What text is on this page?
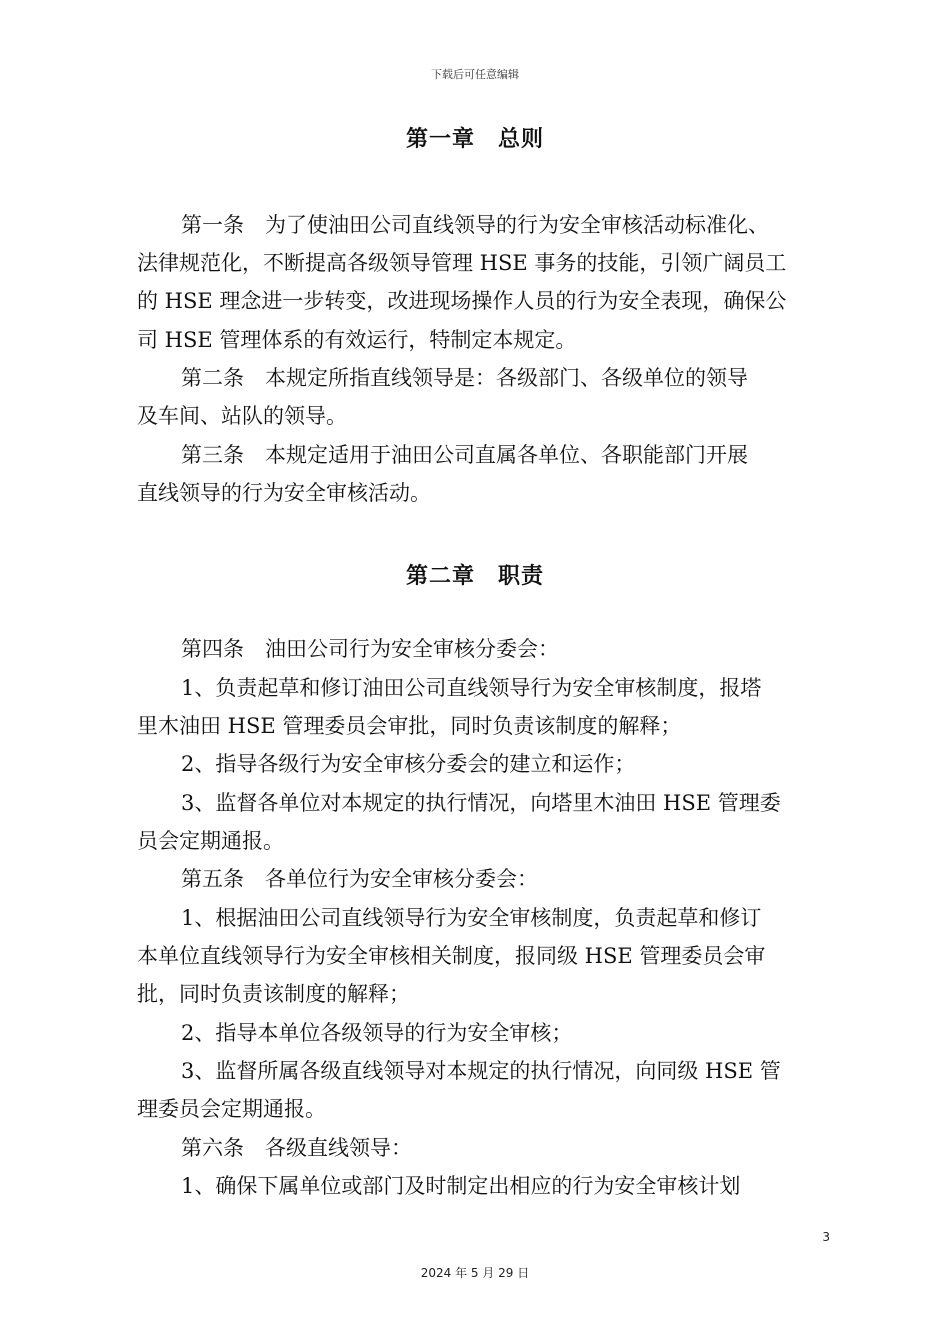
下载后可任意编辑
第一章　总则
第一条　为了使油田公司直线领导的行为安全审核活动标准化、
法律规范化，不断提高各级领导管理 HSE 事务的技能，引领广阔员工
的 HSE 理念进一步转变，改进现场操作人员的行为安全表现，确保公
司 HSE 管理体系的有效运行，特制定本规定。
第二条　本规定所指直线领导是：各级部门、各级单位的领导
及车间、站队的领导。
第三条　本规定适用于油田公司直属各单位、各职能部门开展
直线领导的行为安全审核活动。
第二章　职责
第四条　油田公司行为安全审核分委会：
1、负责起草和修订油田公司直线领导行为安全审核制度，报塔
里木油田 HSE 管理委员会审批，同时负责该制度的解释；
2、指导各级行为安全审核分委会的建立和运作；
3、监督各单位对本规定的执行情况，向塔里木油田 HSE 管理委
员会定期通报。
第五条　各单位行为安全审核分委会：
1、根据油田公司直线领导行为安全审核制度，负责起草和修订
本单位直线领导行为安全审核相关制度，报同级 HSE 管理委员会审
批，同时负责该制度的解释；
2、指导本单位各级领导的行为安全审核；
3、监督所属各级直线领导对本规定的执行情况，向同级 HSE 管
理委员会定期通报。
第六条　各级直线领导：
1、确保下属单位或部门及时制定出相应的行为安全审核计划
3
2024 年 5 月 29 日
